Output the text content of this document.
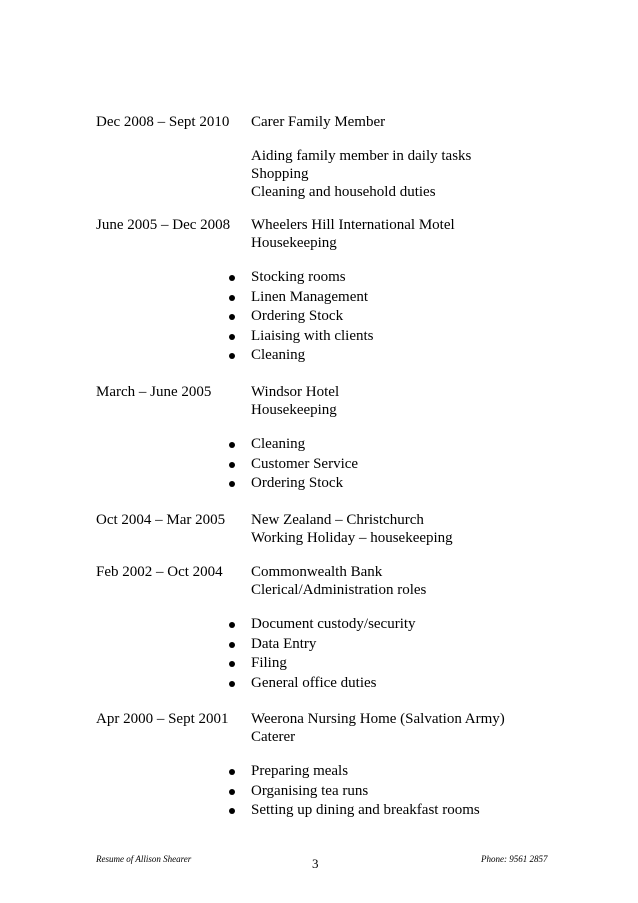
Dec 2008 – Sept 2010 Carer Family Member
Aiding family member in daily tasks
Shopping
Cleaning and household duties
June 2005 – Dec 2008 Wheelers Hill International Motel
Housekeeping
Stocking rooms
Linen Management
Ordering Stock
Liaising with clients
Cleaning
March – June 2005	Windsor Hotel
Housekeeping
Cleaning
Customer Service
Ordering Stock
Oct 2004 – Mar 2005 New Zealand – Christchurch
Working Holiday – housekeeping
Feb 2002 – Oct 2004 Commonwealth Bank
Clerical/Administration roles
Document custody/security
Data Entry
Filing
General office duties
Apr 2000 – Sept 2001 Weerona Nursing Home (Salvation Army)
Caterer
Preparing meals
Organising tea runs
Setting up dining and breakfast rooms
Resume of Allison Shearer	3	Phone: 9561 2857
